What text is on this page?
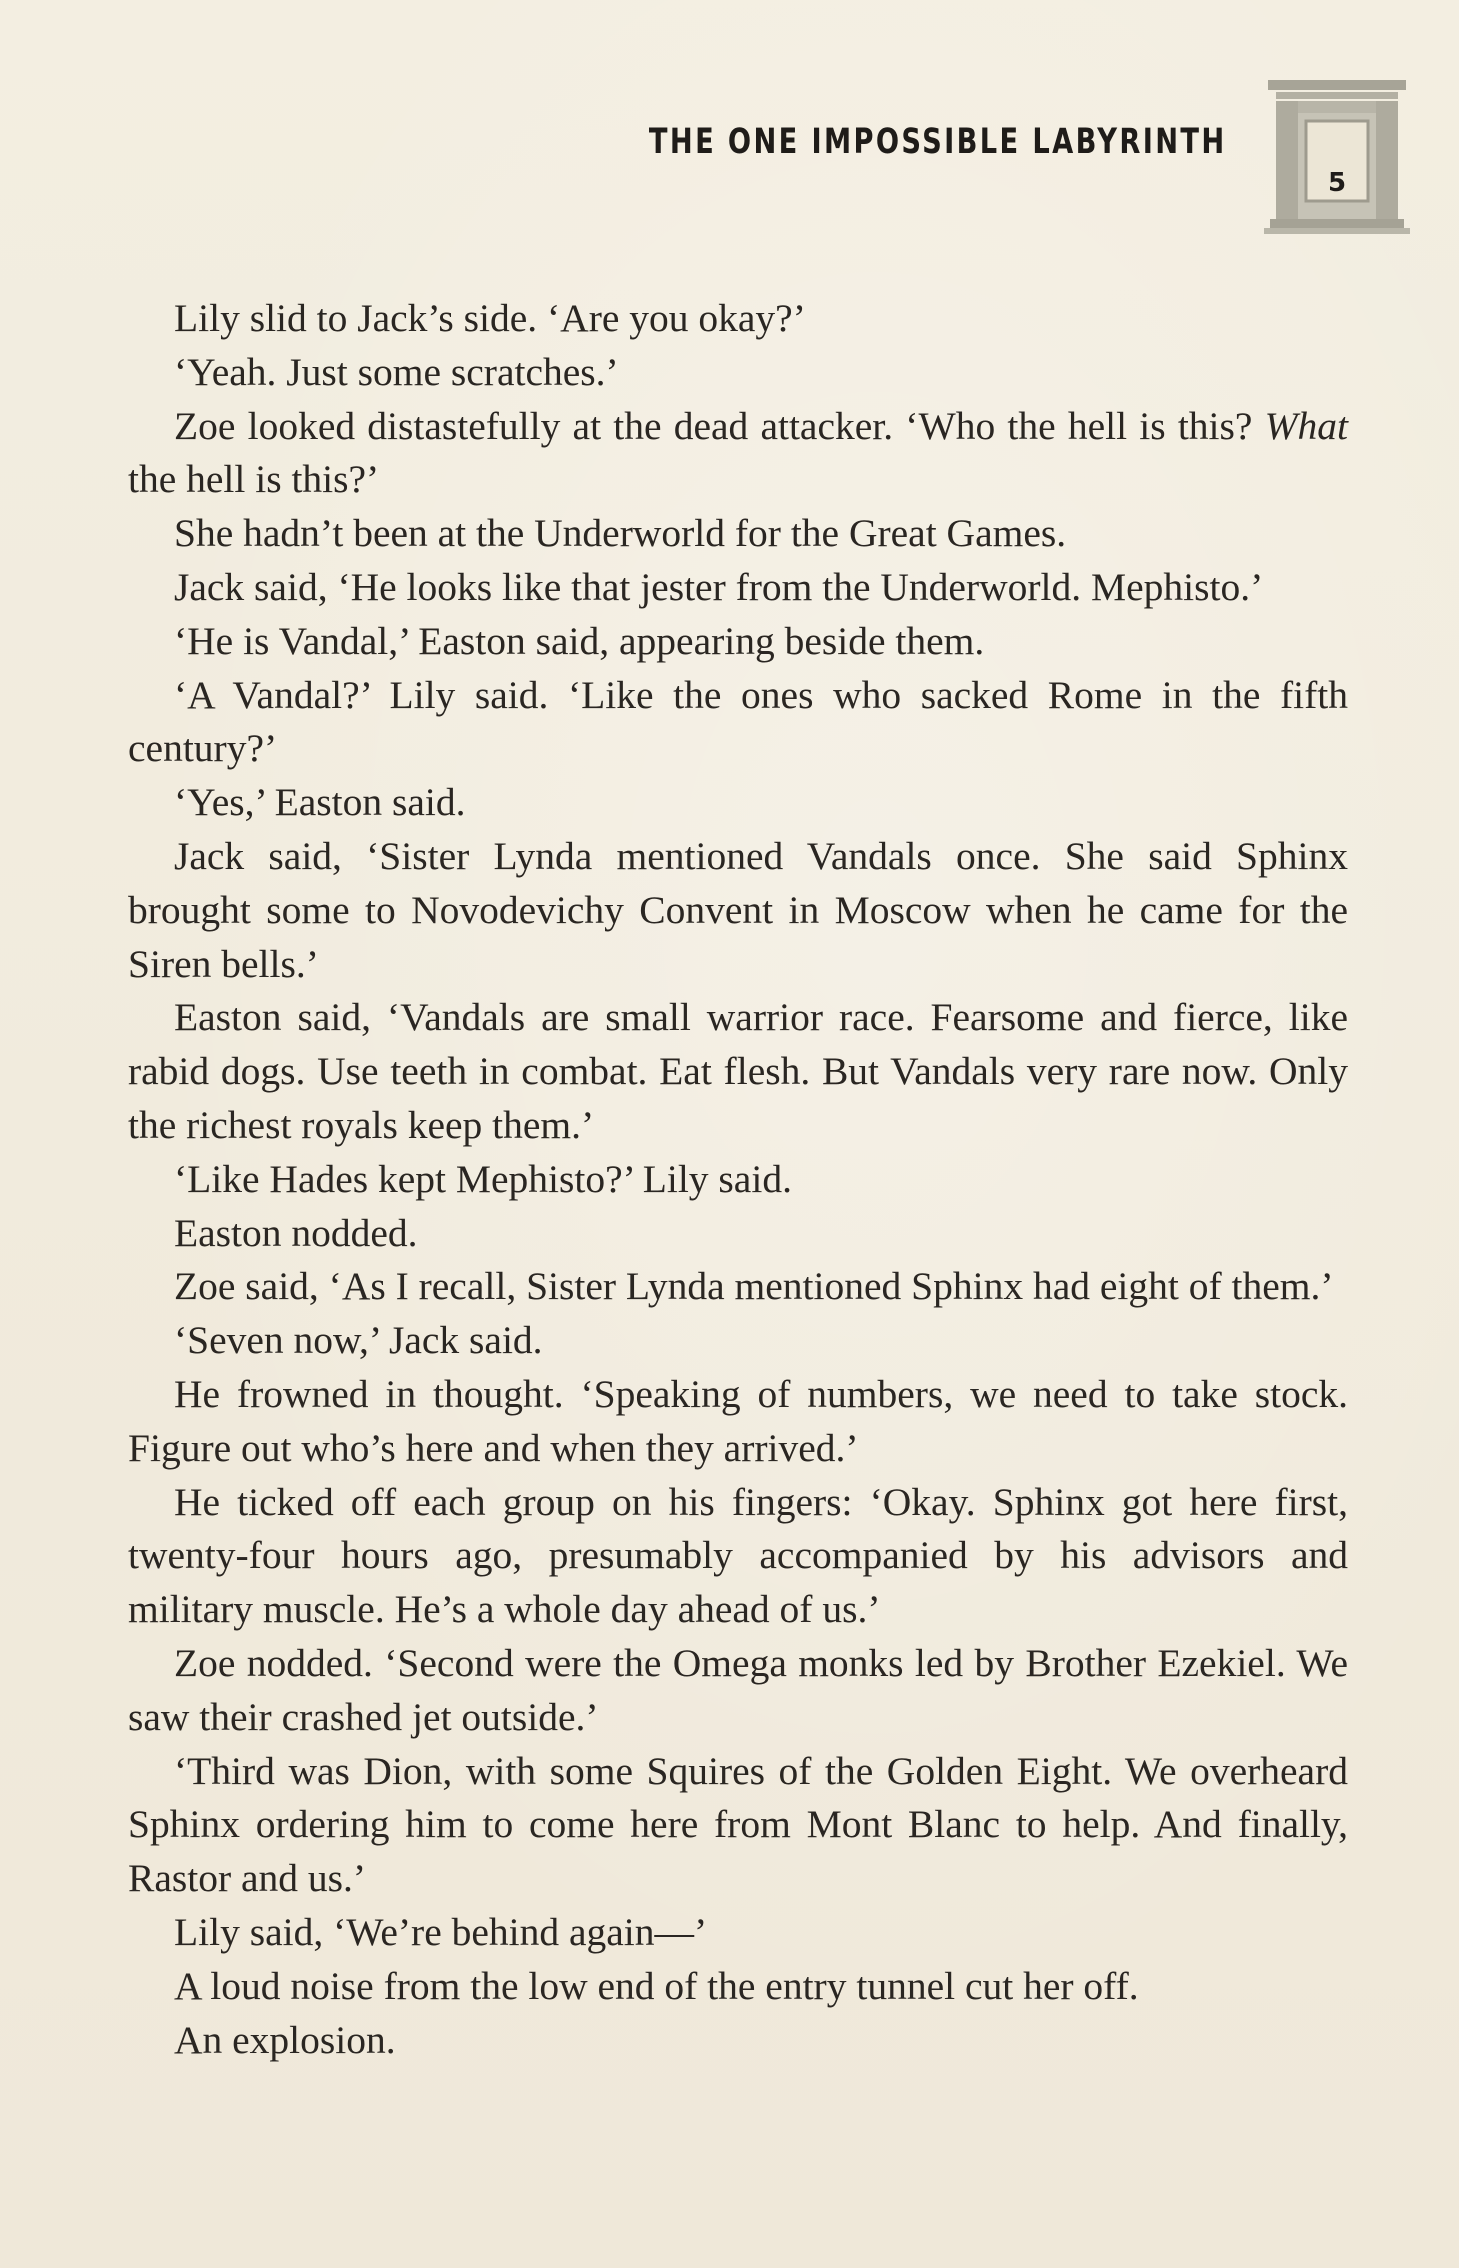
THE ONE IMPOSSIBLE LABYRINTH
5

Lily slid to Jack’s side. ‘Are you okay?’

‘Yeah. Just some scratches.’

Zoe looked distastefully at the dead attacker. ‘Who the hell is this? What the hell is this?’

She hadn’t been at the Underworld for the Great Games.

Jack said, ‘He looks like that jester from the Underworld. Mephisto.’

‘He is Vandal,’ Easton said, appearing beside them.

‘A Vandal?’ Lily said. ‘Like the ones who sacked Rome in the fifth century?’

‘Yes,’ Easton said.

Jack said, ‘Sister Lynda mentioned Vandals once. She said Sphinx brought some to Novodevichy Convent in Moscow when he came for the Siren bells.’

Easton said, ‘Vandals are small warrior race. Fearsome and fierce, like rabid dogs. Use teeth in combat. Eat flesh. But Vandals very rare now. Only the richest royals keep them.’

‘Like Hades kept Mephisto?’ Lily said.

Easton nodded.

Zoe said, ‘As I recall, Sister Lynda mentioned Sphinx had eight of them.’

‘Seven now,’ Jack said.

He frowned in thought. ‘Speaking of numbers, we need to take stock. Figure out who’s here and when they arrived.’

He ticked off each group on his fingers: ‘Okay. Sphinx got here first, twenty-four hours ago, presumably accompanied by his advisors and military muscle. He’s a whole day ahead of us.’

Zoe nodded. ‘Second were the Omega monks led by Brother Ezekiel. We saw their crashed jet outside.’

‘Third was Dion, with some Squires of the Golden Eight. We overheard Sphinx ordering him to come here from Mont Blanc to help. And finally, Rastor and us.’

Lily said, ‘We’re behind again—’

A loud noise from the low end of the entry tunnel cut her off.

An explosion.
